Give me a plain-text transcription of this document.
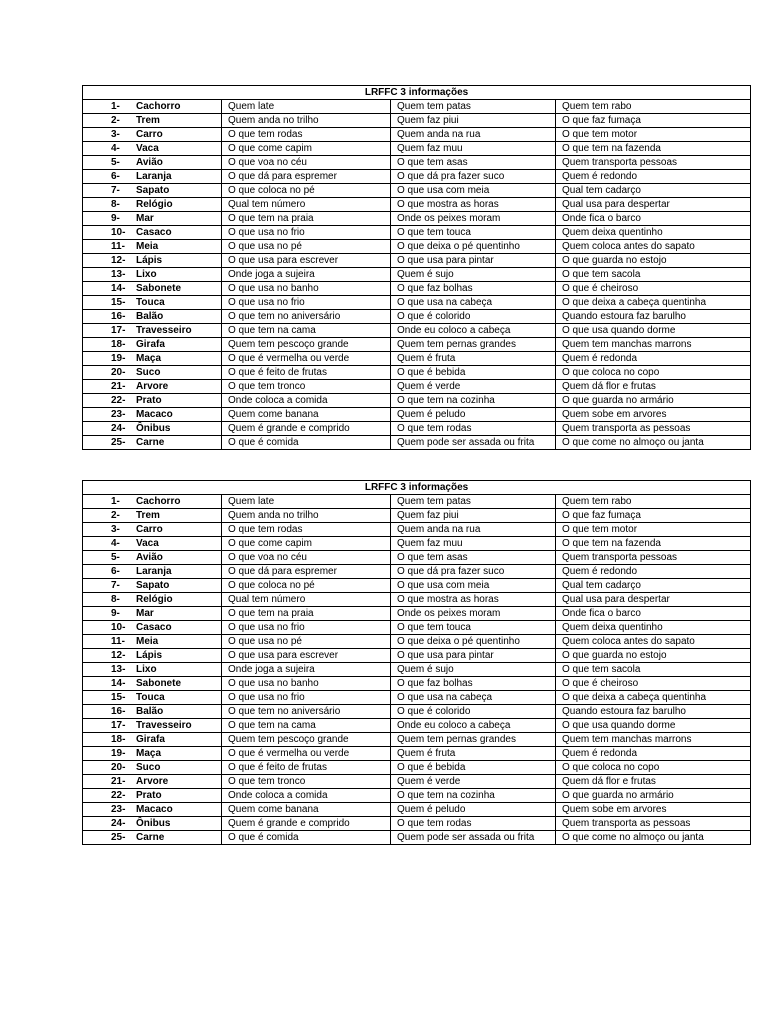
LRFFC 3 informações			
1- Cachorro	Quem late	Quem tem patas	Quem tem rabo
2- Trem	Quem anda no trilho	Quem faz piui	O que faz fumaça
3- Carro	O que tem rodas	Quem anda na rua	O que tem motor
4- Vaca	O que come capim	Quem faz muu	O que tem na fazenda
5- Avião	O que voa no céu	O que tem asas	Quem transporta pessoas
6- Laranja	O que dá para espremer	O que dá pra fazer suco	Quem é redondo
7- Sapato	O que coloca no pé	O que usa com meia	Qual tem cadarço
8- Relógio	Qual tem número	O que mostra as horas	Qual usa para despertar
9- Mar	O que tem na praia	Onde os peixes moram	Onde fica o barco
10- Casaco	O que usa no frio	O que tem touca	Quem deixa quentinho
11- Meia	O que usa no pé	O que deixa o pé quentinho	Quem coloca antes do sapato
12- Lápis	O que usa para escrever	O que usa para pintar	O que guarda no estojo
13- Lixo	Onde joga a sujeira	Quem é sujo	O que tem sacola
14- Sabonete	O que usa no banho	O que faz bolhas	O que é cheiroso
15- Touca	O que usa no frio	O que usa na cabeça	O que deixa a cabeça quentinha
16- Balão	O que tem no aniversário	O que é colorido	Quando estoura faz barulho
17- Travesseiro	O que tem na cama	Onde eu coloco a cabeça	O que usa quando dorme
18- Girafa	Quem tem pescoço grande	Quem tem pernas grandes	Quem tem manchas marrons
19- Maça	O que é vermelha ou verde	Quem é fruta	Quem é redonda
20- Suco	O que é feito de frutas	O que é bebida	O que coloca no copo
21- Arvore	O que tem tronco	Quem é verde	Quem dá flor e frutas
22- Prato	Onde coloca a comida	O que tem na cozinha	O que guarda no armário
23- Macaco	Quem come banana	Quem é peludo	Quem sobe em arvores
24- Ônibus	Quem é grande e comprido	O que tem rodas	Quem transporta as pessoas
25- Carne	O que é comida	Quem pode ser assada ou frita	O que come no almoço ou janta
LRFFC 3 informações			
1- Cachorro	Quem late	Quem tem patas	Quem tem rabo
2- Trem	Quem anda no trilho	Quem faz piui	O que faz fumaça
3- Carro	O que tem rodas	Quem anda na rua	O que tem motor
4- Vaca	O que come capim	Quem faz muu	O que tem na fazenda
5- Avião	O que voa no céu	O que tem asas	Quem transporta pessoas
6- Laranja	O que dá para espremer	O que dá pra fazer suco	Quem é redondo
7- Sapato	O que coloca no pé	O que usa com meia	Qual tem cadarço
8- Relógio	Qual tem número	O que mostra as horas	Qual usa para despertar
9- Mar	O que tem na praia	Onde os peixes moram	Onde fica o barco
10- Casaco	O que usa no frio	O que tem touca	Quem deixa quentinho
11- Meia	O que usa no pé	O que deixa o pé quentinho	Quem coloca antes do sapato
12- Lápis	O que usa para escrever	O que usa para pintar	O que guarda no estojo
13- Lixo	Onde joga a sujeira	Quem é sujo	O que tem sacola
14- Sabonete	O que usa no banho	O que faz bolhas	O que é cheiroso
15- Touca	O que usa no frio	O que usa na cabeça	O que deixa a cabeça quentinha
16- Balão	O que tem no aniversário	O que é colorido	Quando estoura faz barulho
17- Travesseiro	O que tem na cama	Onde eu coloco a cabeça	O que usa quando dorme
18- Girafa	Quem tem pescoço grande	Quem tem pernas grandes	Quem tem manchas marrons
19- Maça	O que é vermelha ou verde	Quem é fruta	Quem é redonda
20- Suco	O que é feito de frutas	O que é bebida	O que coloca no copo
21- Arvore	O que tem tronco	Quem é verde	Quem dá flor e frutas
22- Prato	Onde coloca a comida	O que tem na cozinha	O que guarda no armário
23- Macaco	Quem come banana	Quem é peludo	Quem sobe em arvores
24- Ônibus	Quem é grande e comprido	O que tem rodas	Quem transporta as pessoas
25- Carne	O que é comida	Quem pode ser assada ou frita	O que come no almoço ou janta
